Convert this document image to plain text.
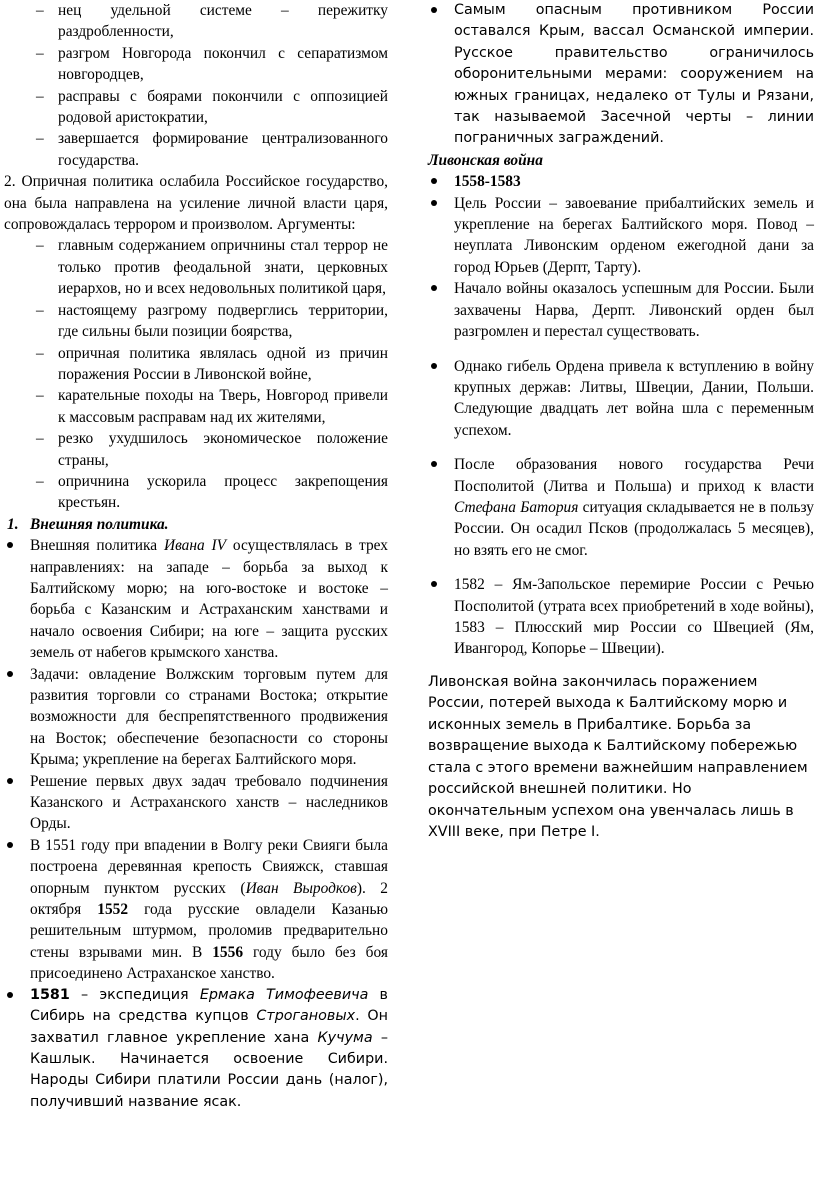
– нец удельной системе – пережитку раздробленности,

– разгром Новгорода покончил с сепаратизмом новгородцев,

– расправы с боярами покончили с оппозицией родовой аристократии,

– завершается формирование централизованного государства.

2. Опричная политика ослабила Российское государство, она была направлена на усиление личной власти царя, сопровождалась террором и произволом. Аргументы:

– главным содержанием опричнины стал террор не только против феодальной знати, церковных иерархов, но и всех недовольных политикой царя,

– настоящему разгрому подверглись территории, где сильны были позиции боярства,

– опричная политика являлась одной из причин поражения России в Ливонской войне,

– карательные походы на Тверь, Новгород привели к массовым расправам над их жителями,

– резко ухудшилось экономическое положение страны,

– опричнина ускорила процесс закрепощения крестьян.

1. Внешняя политика.

Внешняя политика Ивана IV осуществлялась в трех направлениях: на западе – борьба за выход к Балтийскому морю; на юго-востоке и востоке – борьба с Казанским и Астраханским ханствами и начало освоения Сибири; на юге – защита русских земель от набегов крымского ханства.
Задачи: овладение Волжским торговым путем для развития торговли со странами Востока; открытие возможности для беспрепятственного продвижения на Восток; обеспечение безопасности со стороны Крыма; укрепление на берегах Балтийского моря.
Решение первых двух задач требовало подчинения Казанского и Астраханского ханств – наследников Орды.
В 1551 году при впадении в Волгу реки Свияги была построена деревянная крепость Свияжск, ставшая опорным пунктом русских (Иван Выродков). 2 октября 1552 года русские овладели Казанью решительным штурмом, проломив предварительно стены взрывами мин. В 1556 году было без боя присоединено Астраханское ханство.
1581 – экспедиция Ермака Тимофеевича в Сибирь на средства купцов Строгановых. Он захватил главное укрепление хана Кучума – Кашлык. Начинается освоение Сибири. Народы Сибири платили России дань (налог), получивший название ясак.
Самым опасным противником России оставался Крым, вассал Османской империи. Русское правительство ограничилось оборонительными мерами: сооружением на южных границах, недалеко от Тулы и Рязани, так называемой Засечной черты – линии пограничных заграждений.

Ливонская война

1558-1583
Цель России – завоевание прибалтийских земель и укрепление на берегах Балтийского моря. Повод – неуплата Ливонским орденом ежегодной дани за город Юрьев (Дерпт, Тарту).
Начало войны оказалось успешным для России. Были захвачены Нарва, Дерпт. Ливонский орден был разгромлен и перестал существовать.
Однако гибель Ордена привела к вступлению в войну крупных держав: Литвы, Швеции, Дании, Польши. Следующие двадцать лет война шла с переменным успехом.
После образования нового государства Речи Посполитой (Литва и Польша) и приход к власти Стефана Батория ситуация складывается не в пользу России. Он осадил Псков (продолжалась 5 месяцев), но взять его не смог.
1582 – Ям-Запольское перемирие России с Речью Посполитой (утрата всех приобретений в ходе войны), 1583 – Плюсский мир России со Швецией (Ям, Ивангород, Копорье – Швеции).

Ливонская война закончилась поражением России, потерей выхода к Балтийскому морю и исконных земель в Прибалтике. Борьба за возвращение выхода к Балтийскому побережью стала с этого времени важнейшим направлением российской внешней политики. Но окончательным успехом она увенчалась лишь в XVIII веке, при Петре I.
